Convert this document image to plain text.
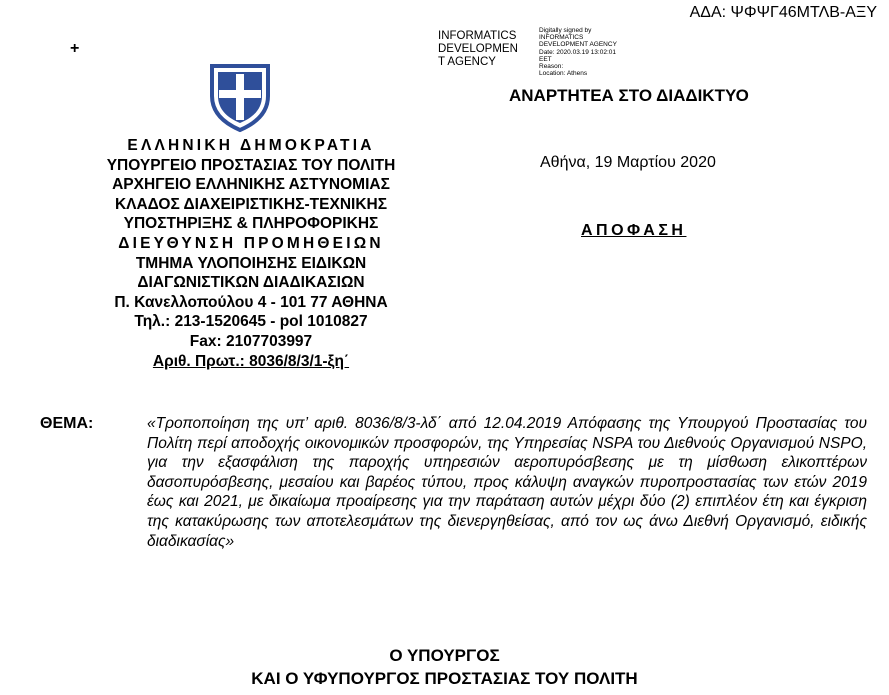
ΑΔΑ: ΨΦΨΓ46ΜΤΛΒ-ΑΞΥ
+
INFORMATICS
DEVELOPMEN
T AGENCY
Digitally signed by
INFORMATICS
DEVELOPMENT AGENCY
Date: 2020.03.19 13:02:01
EET
Reason:
Location: Athens
ΑΝΑΡΤΗΤΕΑ ΣΤΟ ΔΙΑΔΙΚΤΥΟ
ΕΛΛΗΝΙΚΗ ΔΗΜΟΚΡΑΤΙΑ
ΥΠΟΥΡΓΕΙΟ ΠΡΟΣΤΑΣΙΑΣ ΤΟΥ ΠΟΛΙΤΗ
ΑΡΧΗΓΕΙΟ ΕΛΛΗΝΙΚΗΣ ΑΣΤΥΝΟΜΙΑΣ
ΚΛΑΔΟΣ ΔΙΑΧΕΙΡΙΣΤΙΚΗΣ-ΤΕΧΝΙΚΗΣ
ΥΠΟΣΤΗΡΙΞΗΣ & ΠΛΗΡΟΦΟΡΙΚΗΣ
ΔΙΕΥΘΥΝΣΗ ΠΡΟΜΗΘΕΙΩΝ
ΤΜΗΜΑ ΥΛΟΠΟΙΗΣΗΣ ΕΙΔΙΚΩΝ
ΔΙΑΓΩΝΙΣΤΙΚΩΝ ΔΙΑΔΙΚΑΣΙΩΝ
Π. Κανελλοπούλου 4 - 101 77 ΑΘΗΝΑ
Τηλ.: 213-1520645 - pol 1010827
Fax: 2107703997
Αριθ. Πρωτ.: 8036/8/3/1-ξη΄
Αθήνα, 19 Μαρτίου 2020
ΑΠΟΦΑΣΗ
ΘΕΜΑ:	«Τροποποίηση της υπ’ αριθ. 8036/8/3-λδ΄ από 12.04.2019 Απόφασης της Υπουργού Προστασίας του Πολίτη περί αποδοχής οικονομικών προσφορών, της Υπηρεσίας NSPA του Διεθνούς Οργανισμού NSPO, για την εξασφάλιση της παροχής υπηρεσιών αεροπυρόσβεσης με τη μίσθωση ελικοπτέρων δασοπυρόσβεσης, μεσαίου και βαρέος τύπου, προς κάλυψη αναγκών πυροπροστασίας των ετών 2019 έως και 2021, με δικαίωμα προαίρεσης για την παράταση αυτών μέχρι δύο (2) επιπλέον έτη και έγκριση της κατακύρωσης των αποτελεσμάτων της διενεργηθείσας, από τον ως άνω Διεθνή Οργανισμό, ειδικής διαδικασίας»
Ο ΥΠΟΥΡΓΟΣ
ΚΑΙ Ο ΥΦΥΠΟΥΡΓΟΣ ΠΡΟΣΤΑΣΙΑΣ ΤΟΥ ΠΟΛΙΤΗ
